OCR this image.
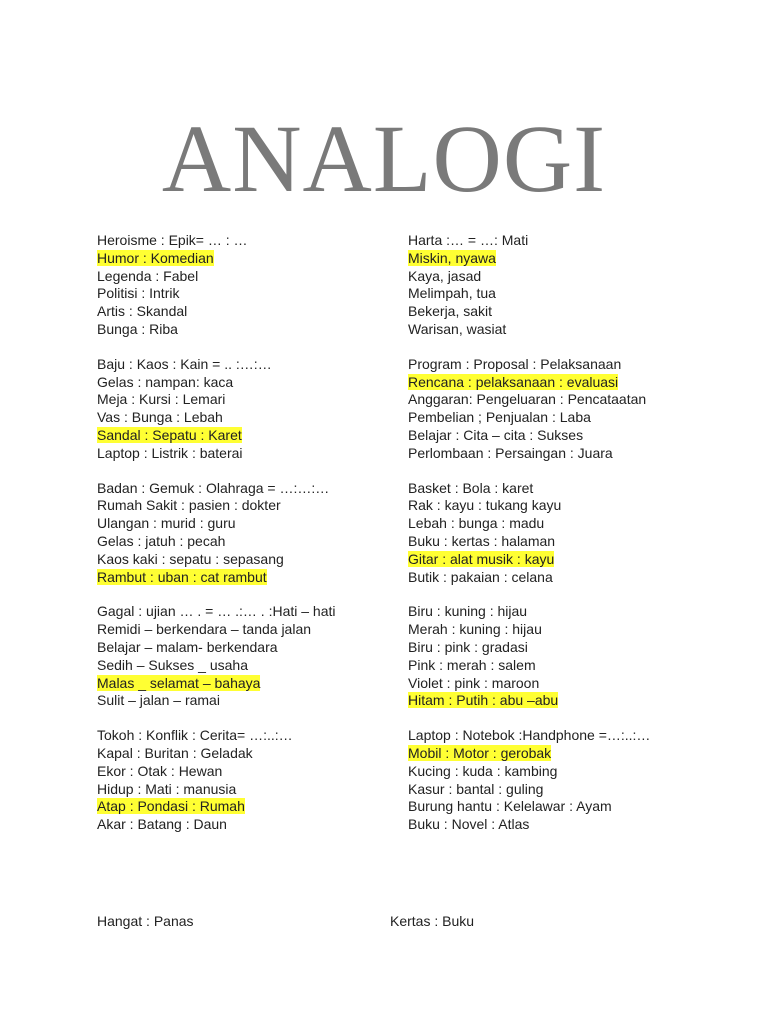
ANALOGI
Heroisme : Epik= … : …
Humor : Komedian
Legenda : Fabel
Politisi : Intrik
Artis : Skandal
Bunga : Riba
Baju : Kaos : Kain = .. :…:…
Gelas : nampan: kaca
Meja : Kursi : Lemari
Vas : Bunga : Lebah
Sandal : Sepatu : Karet
Laptop : Listrik : baterai
Badan : Gemuk : Olahraga = …:…:…
Rumah Sakit : pasien : dokter
Ulangan : murid : guru
Gelas : jatuh : pecah
Kaos kaki : sepatu : sepasang
Rambut : uban : cat rambut
Gagal : ujian … . = … .:… . :Hati – hati
Remidi – berkendara – tanda jalan
Belajar – malam- berkendara
Sedih – Sukses _ usaha
Malas _ selamat – bahaya
Sulit – jalan – ramai
Tokoh : Konflik : Cerita= …:..:…
Kapal : Buritan : Geladak
Ekor : Otak : Hewan
Hidup : Mati : manusia
Atap : Pondasi : Rumah
Akar : Batang : Daun
Harta :… = …: Mati
Miskin, nyawa
Kaya, jasad
Melimpah, tua
Bekerja, sakit
Warisan, wasiat
Program : Proposal : Pelaksanaan
Rencana : pelaksanaan : evaluasi
Anggaran: Pengeluaran : Pencataatan
Pembelian ; Penjualan : Laba
Belajar : Cita – cita : Sukses
Perlombaan : Persaingan : Juara
Basket : Bola : karet
Rak : kayu : tukang kayu
Lebah : bunga : madu
Buku : kertas : halaman
Gitar : alat musik : kayu
Butik : pakaian : celana
Biru : kuning : hijau
Merah : kuning : hijau
Biru : pink : gradasi
Pink : merah : salem
Violet : pink : maroon
Hitam : Putih : abu –abu
Laptop : Notebok :Handphone =…:..:…
Mobil : Motor : gerobak
Kucing : kuda : kambing
Kasur : bantal : guling
Burung hantu : Kelelawar : Ayam
Buku : Novel : Atlas
Hangat : Panas	Kertas : Buku
